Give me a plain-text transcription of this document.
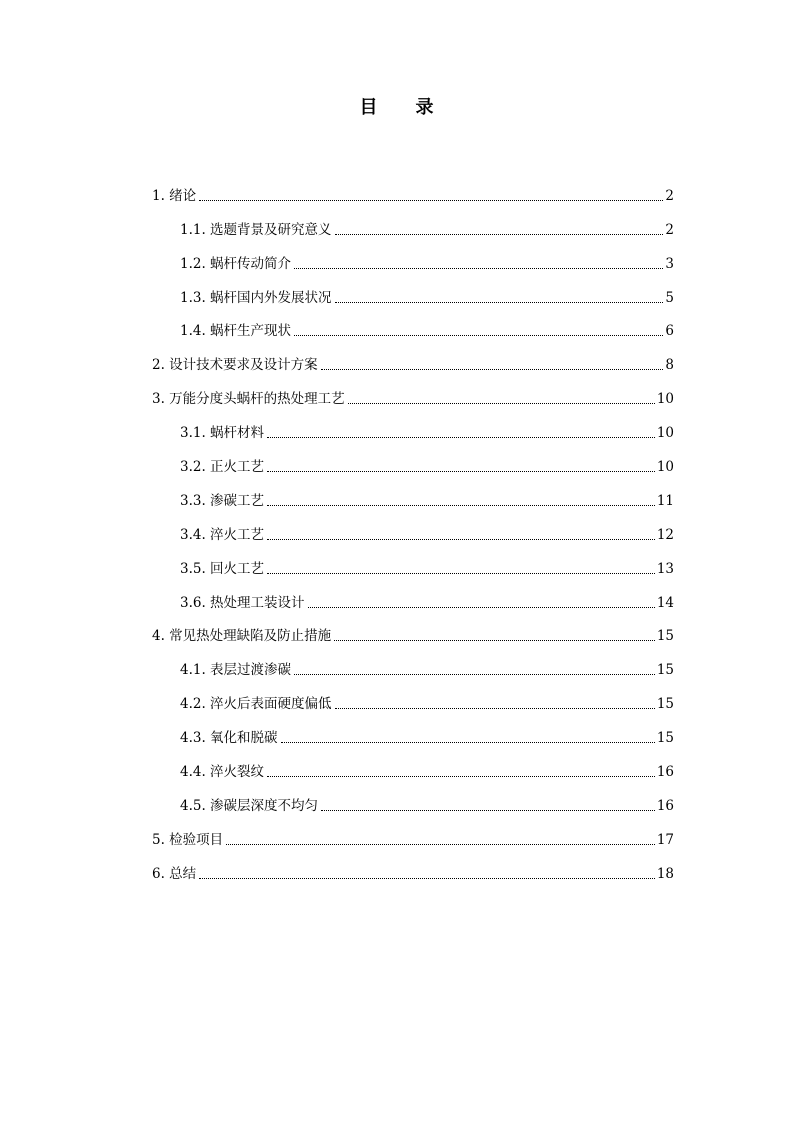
目 录
1. 绪论	2
1.1. 选题背景及研究意义	2
1.2. 蜗杆传动简介	3
1.3. 蜗杆国内外发展状况	5
1.4. 蜗杆生产现状	6
2. 设计技术要求及设计方案	8
3. 万能分度头蜗杆的热处理工艺	10
3.1. 蜗杆材料	10
3.2. 正火工艺	10
3.3. 渗碳工艺	11
3.4. 淬火工艺	12
3.5. 回火工艺	13
3.6. 热处理工装设计	14
4. 常见热处理缺陷及防止措施	15
4.1. 表层过渡渗碳	15
4.2. 淬火后表面硬度偏低	15
4.3. 氧化和脱碳	15
4.4. 淬火裂纹	16
4.5. 渗碳层深度不均匀	16
5. 检验项目	17
6. 总结	18
